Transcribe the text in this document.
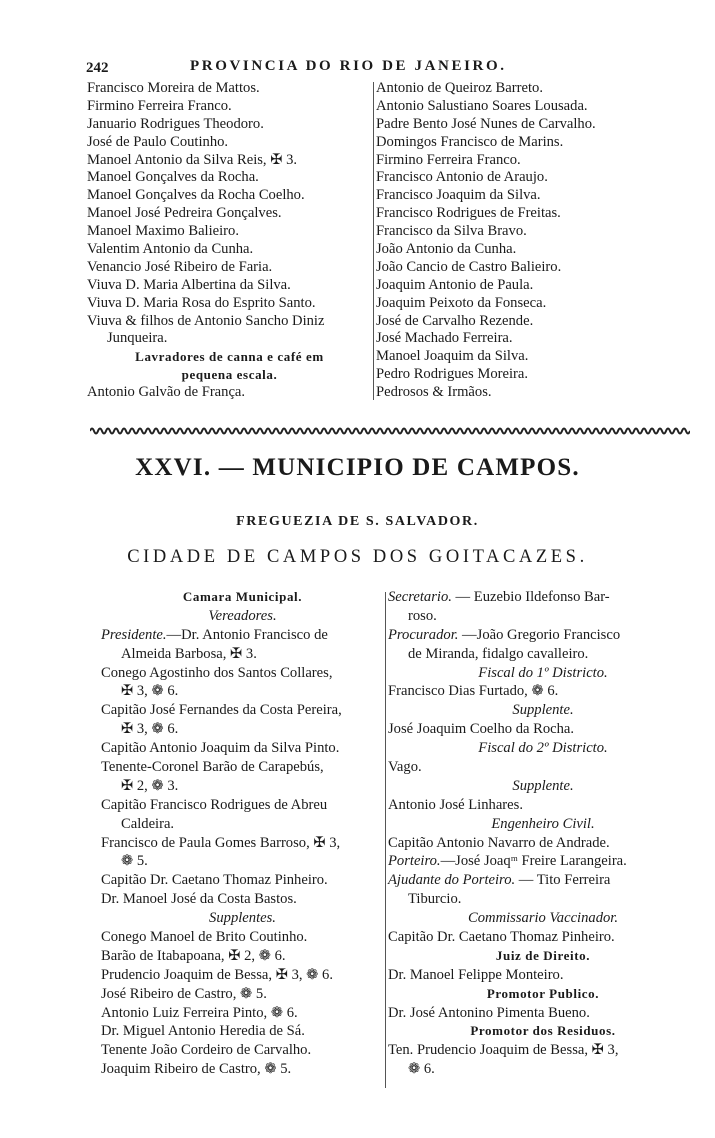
242	PROVINCIA DO RIO DE JANEIRO.
Francisco Moreira de Mattos.
Firmino Ferreira Franco.
Januario Rodrigues Theodoro.
José de Paulo Coutinho.
Manoel Antonio da Silva Reis, ✠ 3.
Manoel Gonçalves da Rocha.
Manoel Gonçalves da Rocha Coelho.
Manoel José Pedreira Gonçalves.
Manoel Maximo Balieiro.
Valentim Antonio da Cunha.
Venancio José Ribeiro de Faria.
Viuva D. Maria Albertina da Silva.
Viuva D. Maria Rosa do Esprito Santo.
Viuva & filhos de Antonio Sancho Diniz
Junqueira.
Lavradores de canna e café em
pequena escala.
Antonio Galvão de França.
Antonio de Queiroz Barreto.
Antonio Salustiano Soares Lousada.
Padre Bento José Nunes de Carvalho.
Domingos Francisco de Marins.
Firmino Ferreira Franco.
Francisco Antonio de Araujo.
Francisco Joaquim da Silva.
Francisco Rodrigues de Freitas.
Francisco da Silva Bravo.
João Antonio da Cunha.
João Cancio de Castro Balieiro.
Joaquim Antonio de Paula.
Joaquim Peixoto da Fonseca.
José de Carvalho Rezende.
José Machado Ferreira.
Manoel Joaquim da Silva.
Pedro Rodrigues Moreira.
Pedrosos & Irmãos.
XXVI. — MUNICIPIO DE CAMPOS.
FREGUEZIA DE S. SALVADOR.
CIDADE DE CAMPOS DOS GOITACAZES.
Camara Municipal.
Vereadores.
Presidente.—Dr. Antonio Francisco de
Almeida Barbosa, ✠ 3.
Conego Agostinho dos Santos Collares,
✠ 3, ❁ 6.
Capitão José Fernandes da Costa Pereira,
✠ 3, ❁ 6.
Capitão Antonio Joaquim da Silva Pinto.
Tenente-Coronel Barão de Carapebús,
✠ 2, ❁ 3.
Capitão Francisco Rodrigues de Abreu
Caldeira.
Francisco de Paula Gomes Barroso, ✠ 3,
❁ 5.
Capitão Dr. Caetano Thomaz Pinheiro.
Dr. Manoel José da Costa Bastos.
Supplentes.
Conego Manoel de Brito Coutinho.
Barão de Itabapoana, ✠ 2, ❁ 6.
Prudencio Joaquim de Bessa, ✠ 3, ❁ 6.
José Ribeiro de Castro, ❁ 5.
Antonio Luiz Ferreira Pinto, ❁ 6.
Dr. Miguel Antonio Heredia de Sá.
Tenente João Cordeiro de Carvalho.
Joaquim Ribeiro de Castro, ❁ 5.
Secretario. — Euzebio Ildefonso Bar-
roso.
Procurador. —João Gregorio Francisco
de Miranda, fidalgo cavalleiro.
Fiscal do 1º Districto.
Francisco Dias Furtado, ❁ 6.
Supplente.
José Joaquim Coelho da Rocha.
Fiscal do 2º Districto.
Vago.
Supplente.
Antonio José Linhares.
Engenheiro Civil.
Capitão Antonio Navarro de Andrade.
Porteiro.—José Joaqᵐ Freire Larangeira.
Ajudante do Porteiro. — Tito Ferreira
Tiburcio.
Commissario Vaccinador.
Capitão Dr. Caetano Thomaz Pinheiro.
Juiz de Direito.
Dr. Manoel Felippe Monteiro.
Promotor Publico.
Dr. José Antonino Pimenta Bueno.
Promotor dos Residuos.
Ten. Prudencio Joaquim de Bessa, ✠ 3,
❁ 6.
